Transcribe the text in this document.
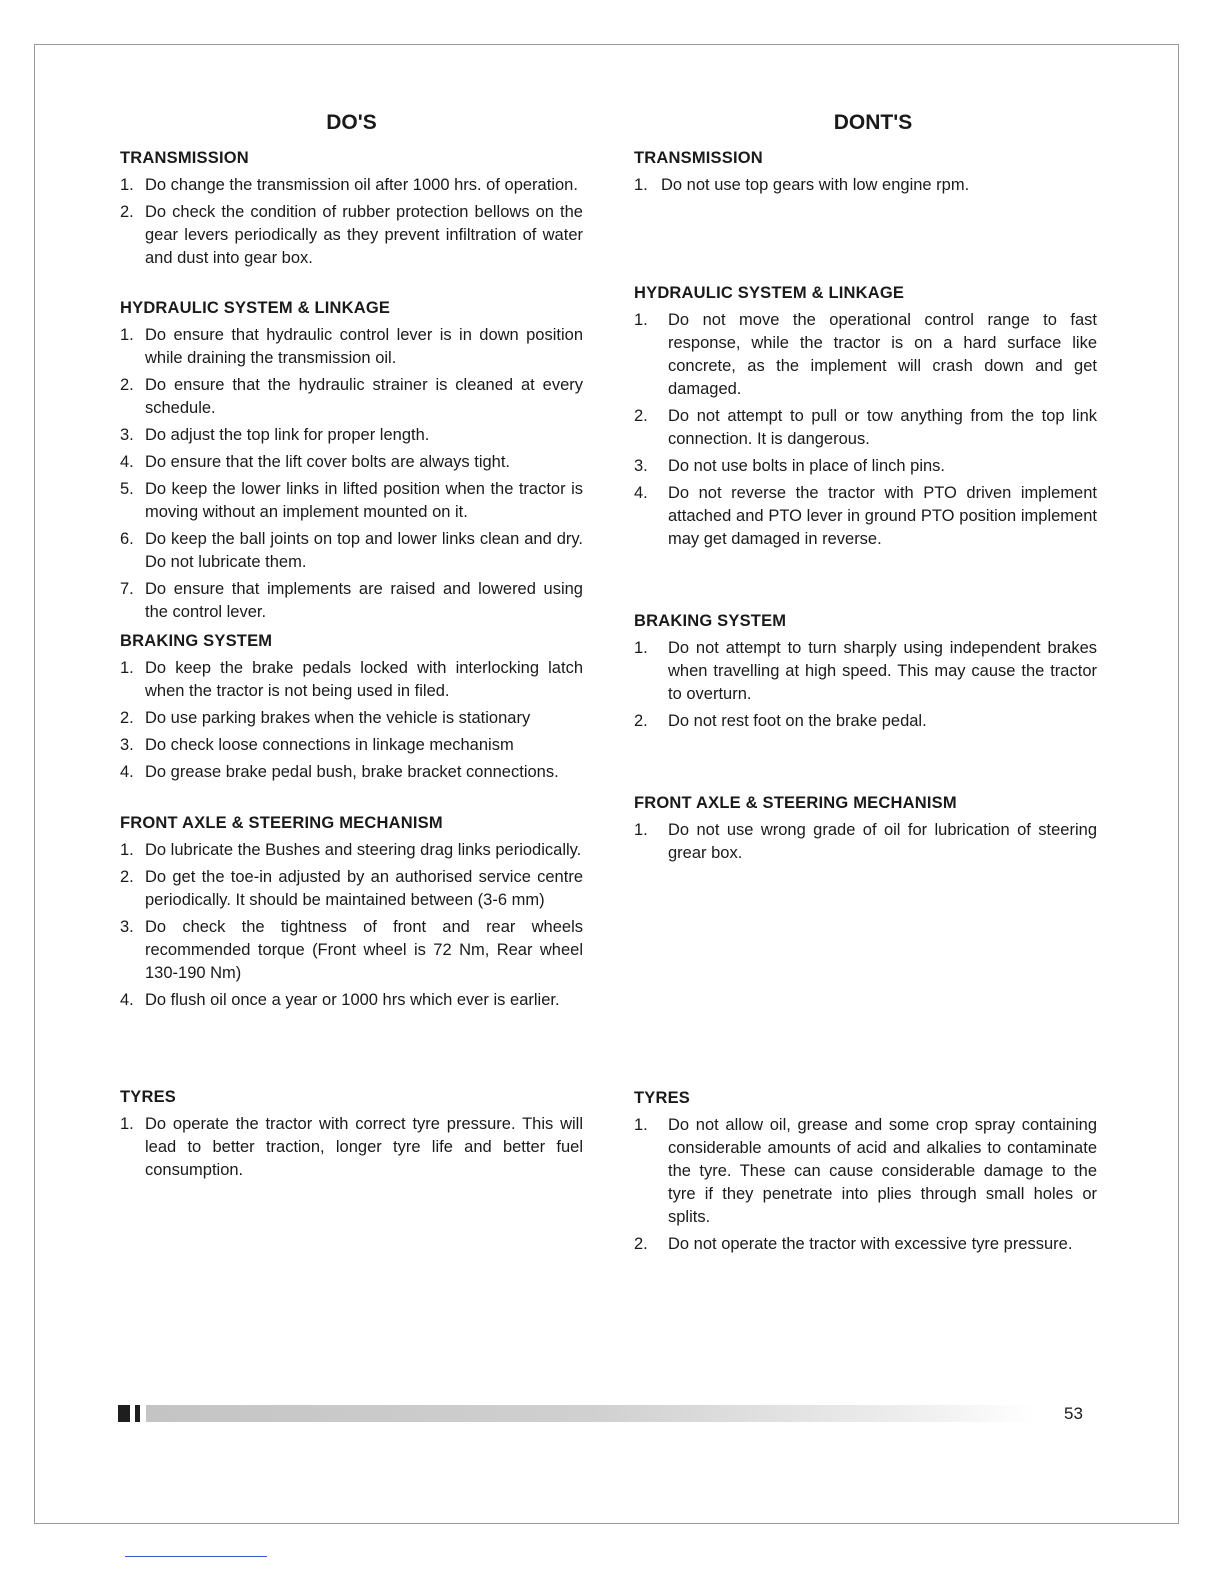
DO'S
TRANSMISSION
1. Do change the transmission oil after 1000 hrs. of operation.
2. Do check the condition of rubber protection bellows on the gear levers periodically as they prevent infiltration of water and dust into gear box.
HYDRAULIC SYSTEM & LINKAGE
1. Do ensure that hydraulic control lever is in down position while draining the transmission oil.
2. Do ensure that the hydraulic strainer is cleaned at every schedule.
3. Do adjust the top link for proper length.
4. Do ensure that the lift cover bolts are always tight.
5. Do keep the lower links in lifted position when the tractor is moving without an implement mounted on it.
6. Do keep the ball joints on top and lower links clean and dry. Do not lubricate them.
7. Do ensure that implements are raised and lowered using the control lever.
BRAKING SYSTEM
1. Do keep the brake pedals locked with interlocking latch when the tractor is not being used in filed.
2. Do use parking brakes when the vehicle is stationary
3. Do check loose connections in linkage mechanism
4. Do grease brake pedal bush, brake bracket connections.
FRONT AXLE & STEERING MECHANISM
1. Do lubricate the Bushes and steering drag links periodically.
2. Do get the toe-in adjusted by an authorised service centre periodically. It should be maintained between (3-6 mm)
3. Do check the tightness of front and rear wheels recommended torque (Front wheel is 72 Nm, Rear wheel 130-190 Nm)
4. Do flush oil once a year or 1000 hrs which ever is earlier.
TYRES
1. Do operate the tractor with correct tyre pressure. This will lead to better traction, longer tyre life and better fuel consumption.
DONT'S
TRANSMISSION
1. Do not use top gears with low engine rpm.
HYDRAULIC SYSTEM & LINKAGE
1. Do not move the operational control range to fast response, while the tractor is on a hard surface like concrete, as the implement will crash down and get damaged.
2. Do not attempt to pull or tow anything from the top link connection. It is dangerous.
3. Do not use bolts in place of linch pins.
4. Do not reverse the tractor with PTO driven implement attached and PTO lever in ground PTO position implement may get damaged in reverse.
BRAKING SYSTEM
1. Do not attempt to turn sharply using independent brakes when travelling at high speed. This may cause the tractor to overturn.
2. Do not rest foot on the brake pedal.
FRONT AXLE & STEERING MECHANISM
1. Do not use wrong grade of oil for lubrication of steering grear box.
TYRES
1. Do not allow oil, grease and some crop spray containing considerable amounts of acid and alkalies to contaminate the tyre. These can cause considerable damage to the tyre if they penetrate into plies through small holes or splits.
2. Do not operate the tractor with excessive tyre pressure.
53
